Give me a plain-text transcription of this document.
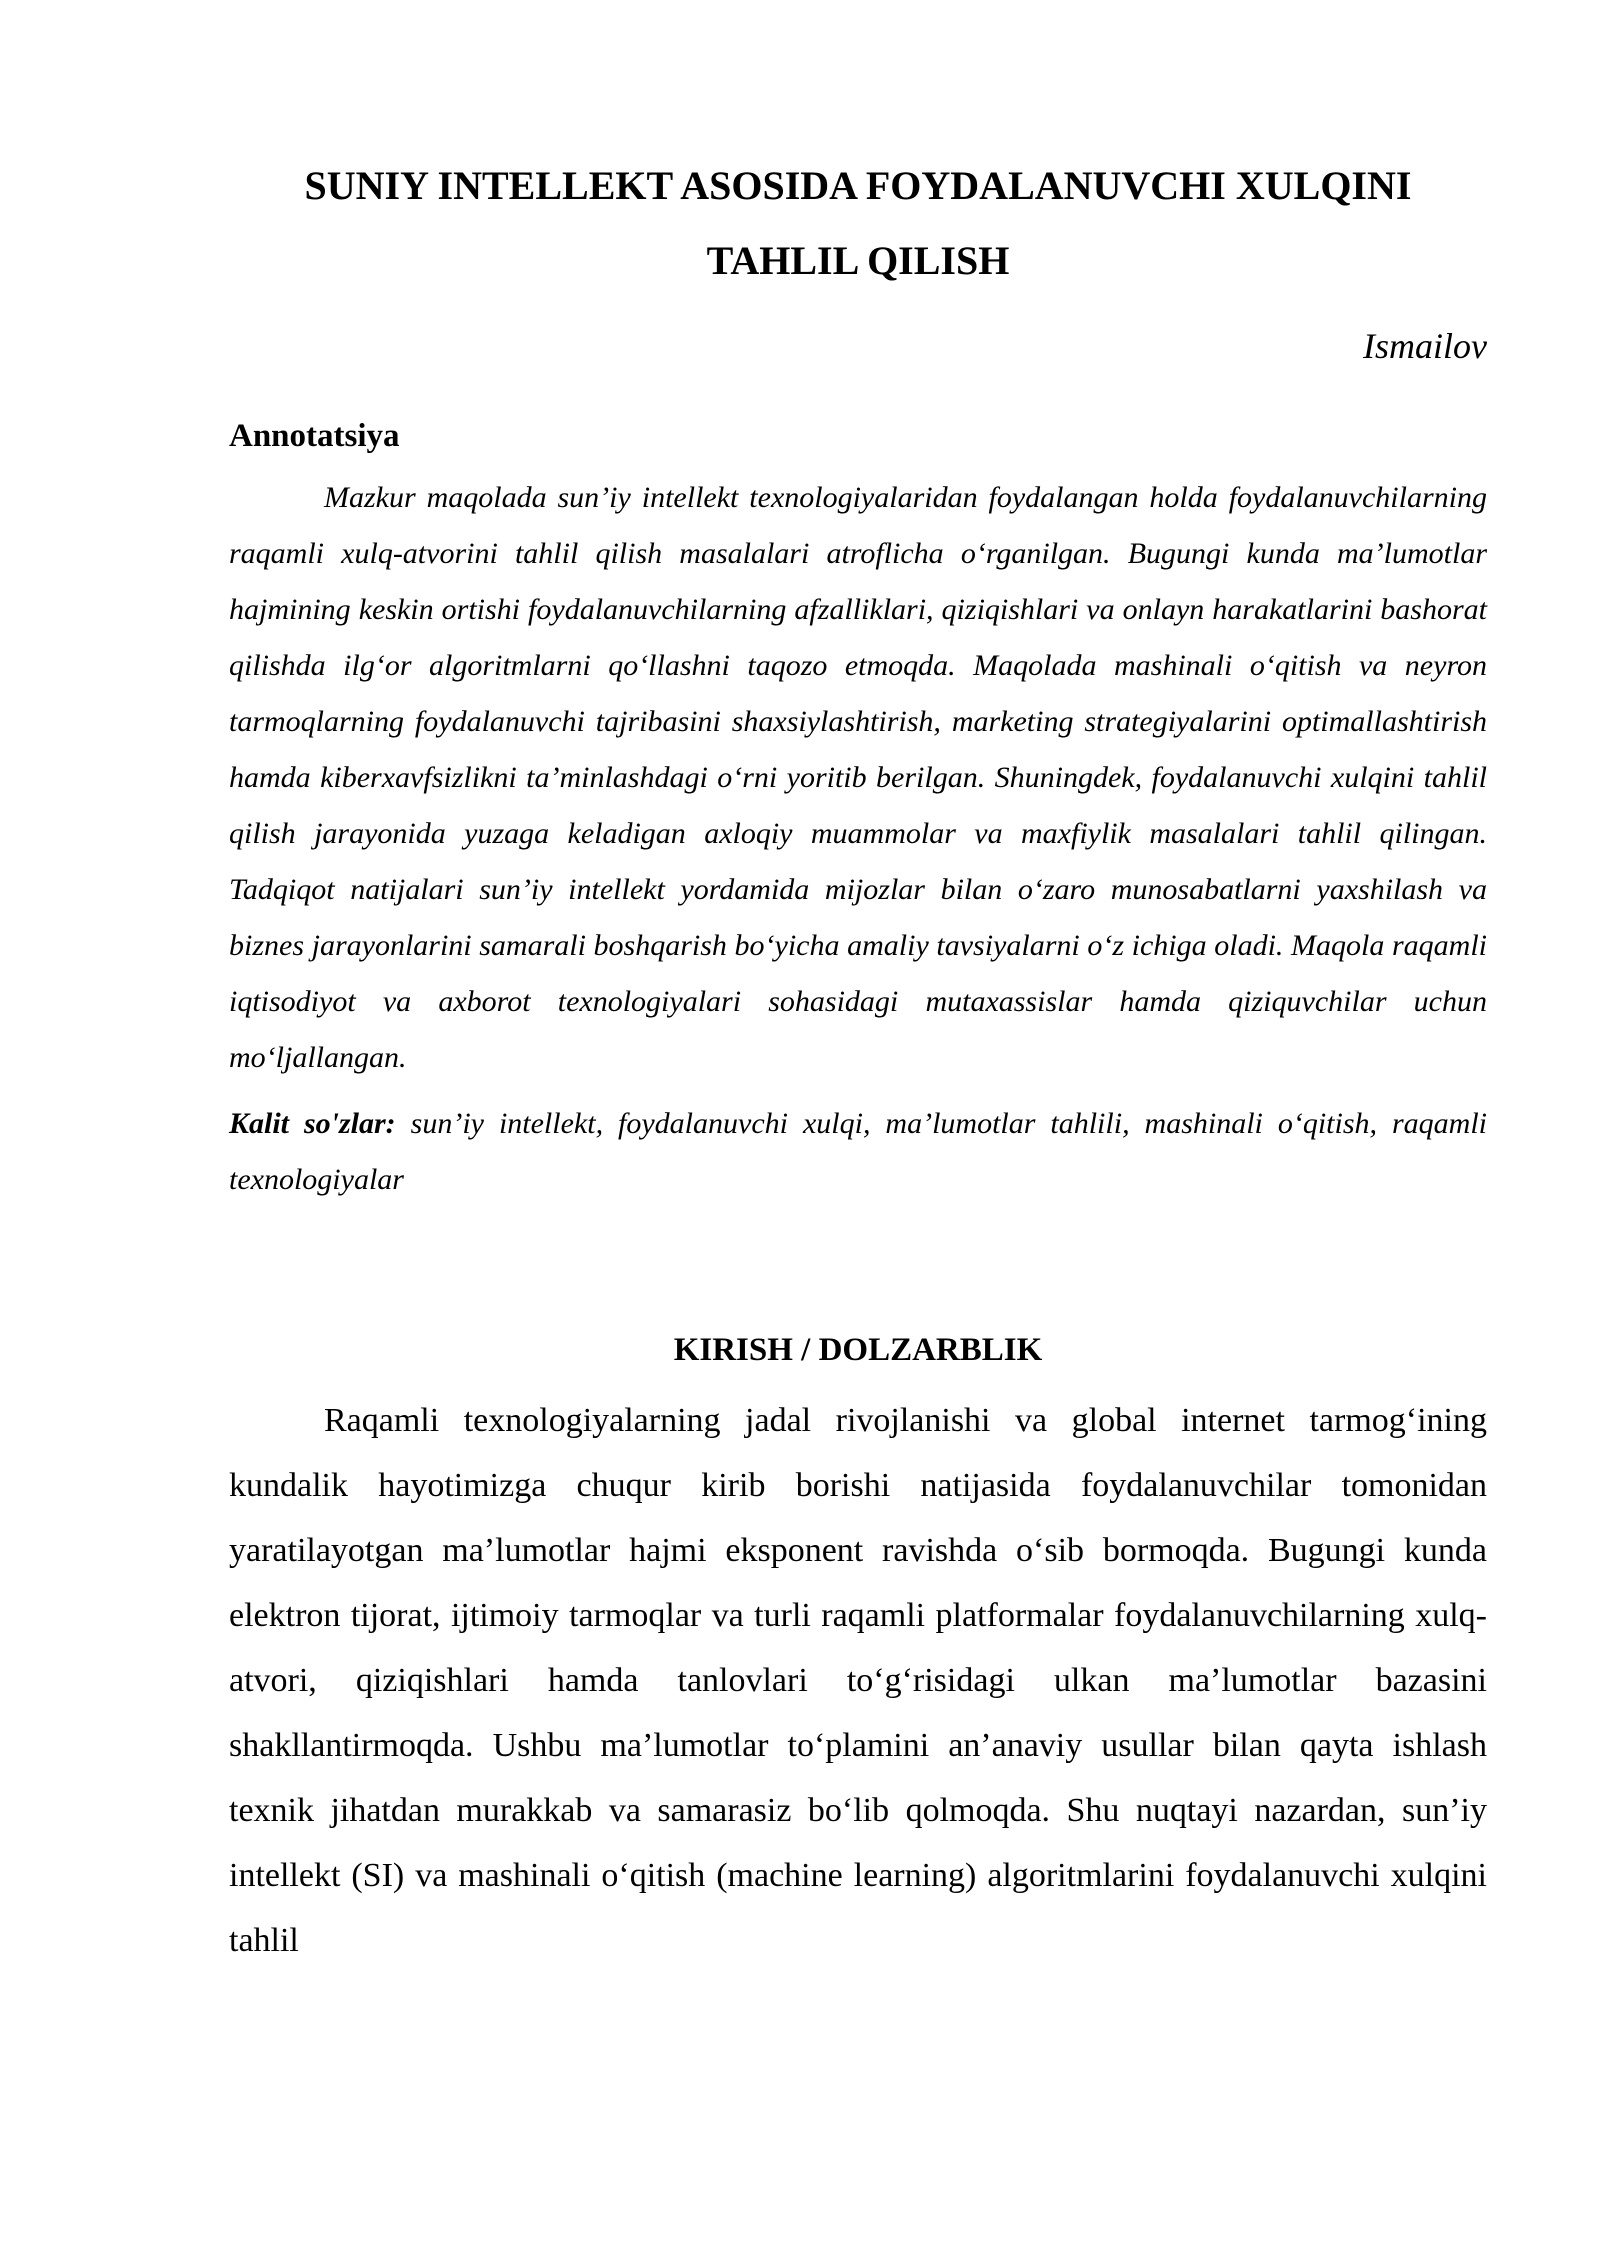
SUNIY INTELLEKT ASOSIDA FOYDALANUVCHI XULQINI TAHLIL QILISH
Ismailov
Annotatsiya
Mazkur maqolada sun’iy intellekt texnologiyalaridan foydalangan holda foydalanuvchilarning raqamli xulq-atvorini tahlil qilish masalalari atroflicha o‘rganilgan. Bugungi kunda ma’lumotlar hajmining keskin ortishi foydalanuvchilarning afzalliklari, qiziqishlari va onlayn harakatlarini bashorat qilishda ilg‘or algoritmlarni qo‘llashni taqozo etmoqda. Maqolada mashinali o‘qitish va neyron tarmoqlarning foydalanuvchi tajribasini shaxsiylashtirish, marketing strategiyalarini optimallashtirish hamda kiberxavfsizlikni ta’minlashdagi o‘rni yoritib berilgan. Shuningdek, foydalanuvchi xulqini tahlil qilish jarayonida yuzaga keladigan axloqiy muammolar va maxfiylik masalalari tahlil qilingan. Tadqiqot natijalari sun’iy intellekt yordamida mijozlar bilan o‘zaro munosabatlarni yaxshilash va biznes jarayonlarini samarali boshqarish bo‘yicha amaliy tavsiyalarni o‘z ichiga oladi. Maqola raqamli iqtisodiyot va axborot texnologiyalari sohasidagi mutaxassislar hamda qiziquvchilar uchun mo‘ljallangan.
Kalit so'zlar: sun’iy intellekt, foydalanuvchi xulqi, ma’lumotlar tahlili, mashinali o‘qitish, raqamli texnologiyalar
KIRISH / DOLZARBLIK
Raqamli texnologiyalarning jadal rivojlanishi va global internet tarmog‘ining kundalik hayotimizga chuqur kirib borishi natijasida foydalanuvchilar tomonidan yaratilayotgan ma’lumotlar hajmi eksponent ravishda o‘sib bormoqda. Bugungi kunda elektron tijorat, ijtimoiy tarmoqlar va turli raqamli platformalar foydalanuvchilarning xulq-atvori, qiziqishlari hamda tanlovlari to‘g‘risidagi ulkan ma’lumotlar bazasini shakllantirmoqda. Ushbu ma’lumotlar to‘plamini an’anaviy usullar bilan qayta ishlash texnik jihatdan murakkab va samarasiz bo‘lib qolmoqda. Shu nuqtayi nazardan, sun’iy intellekt (SI) va mashinali o‘qitish (machine learning) algoritmlarini foydalanuvchi xulqini tahlil
